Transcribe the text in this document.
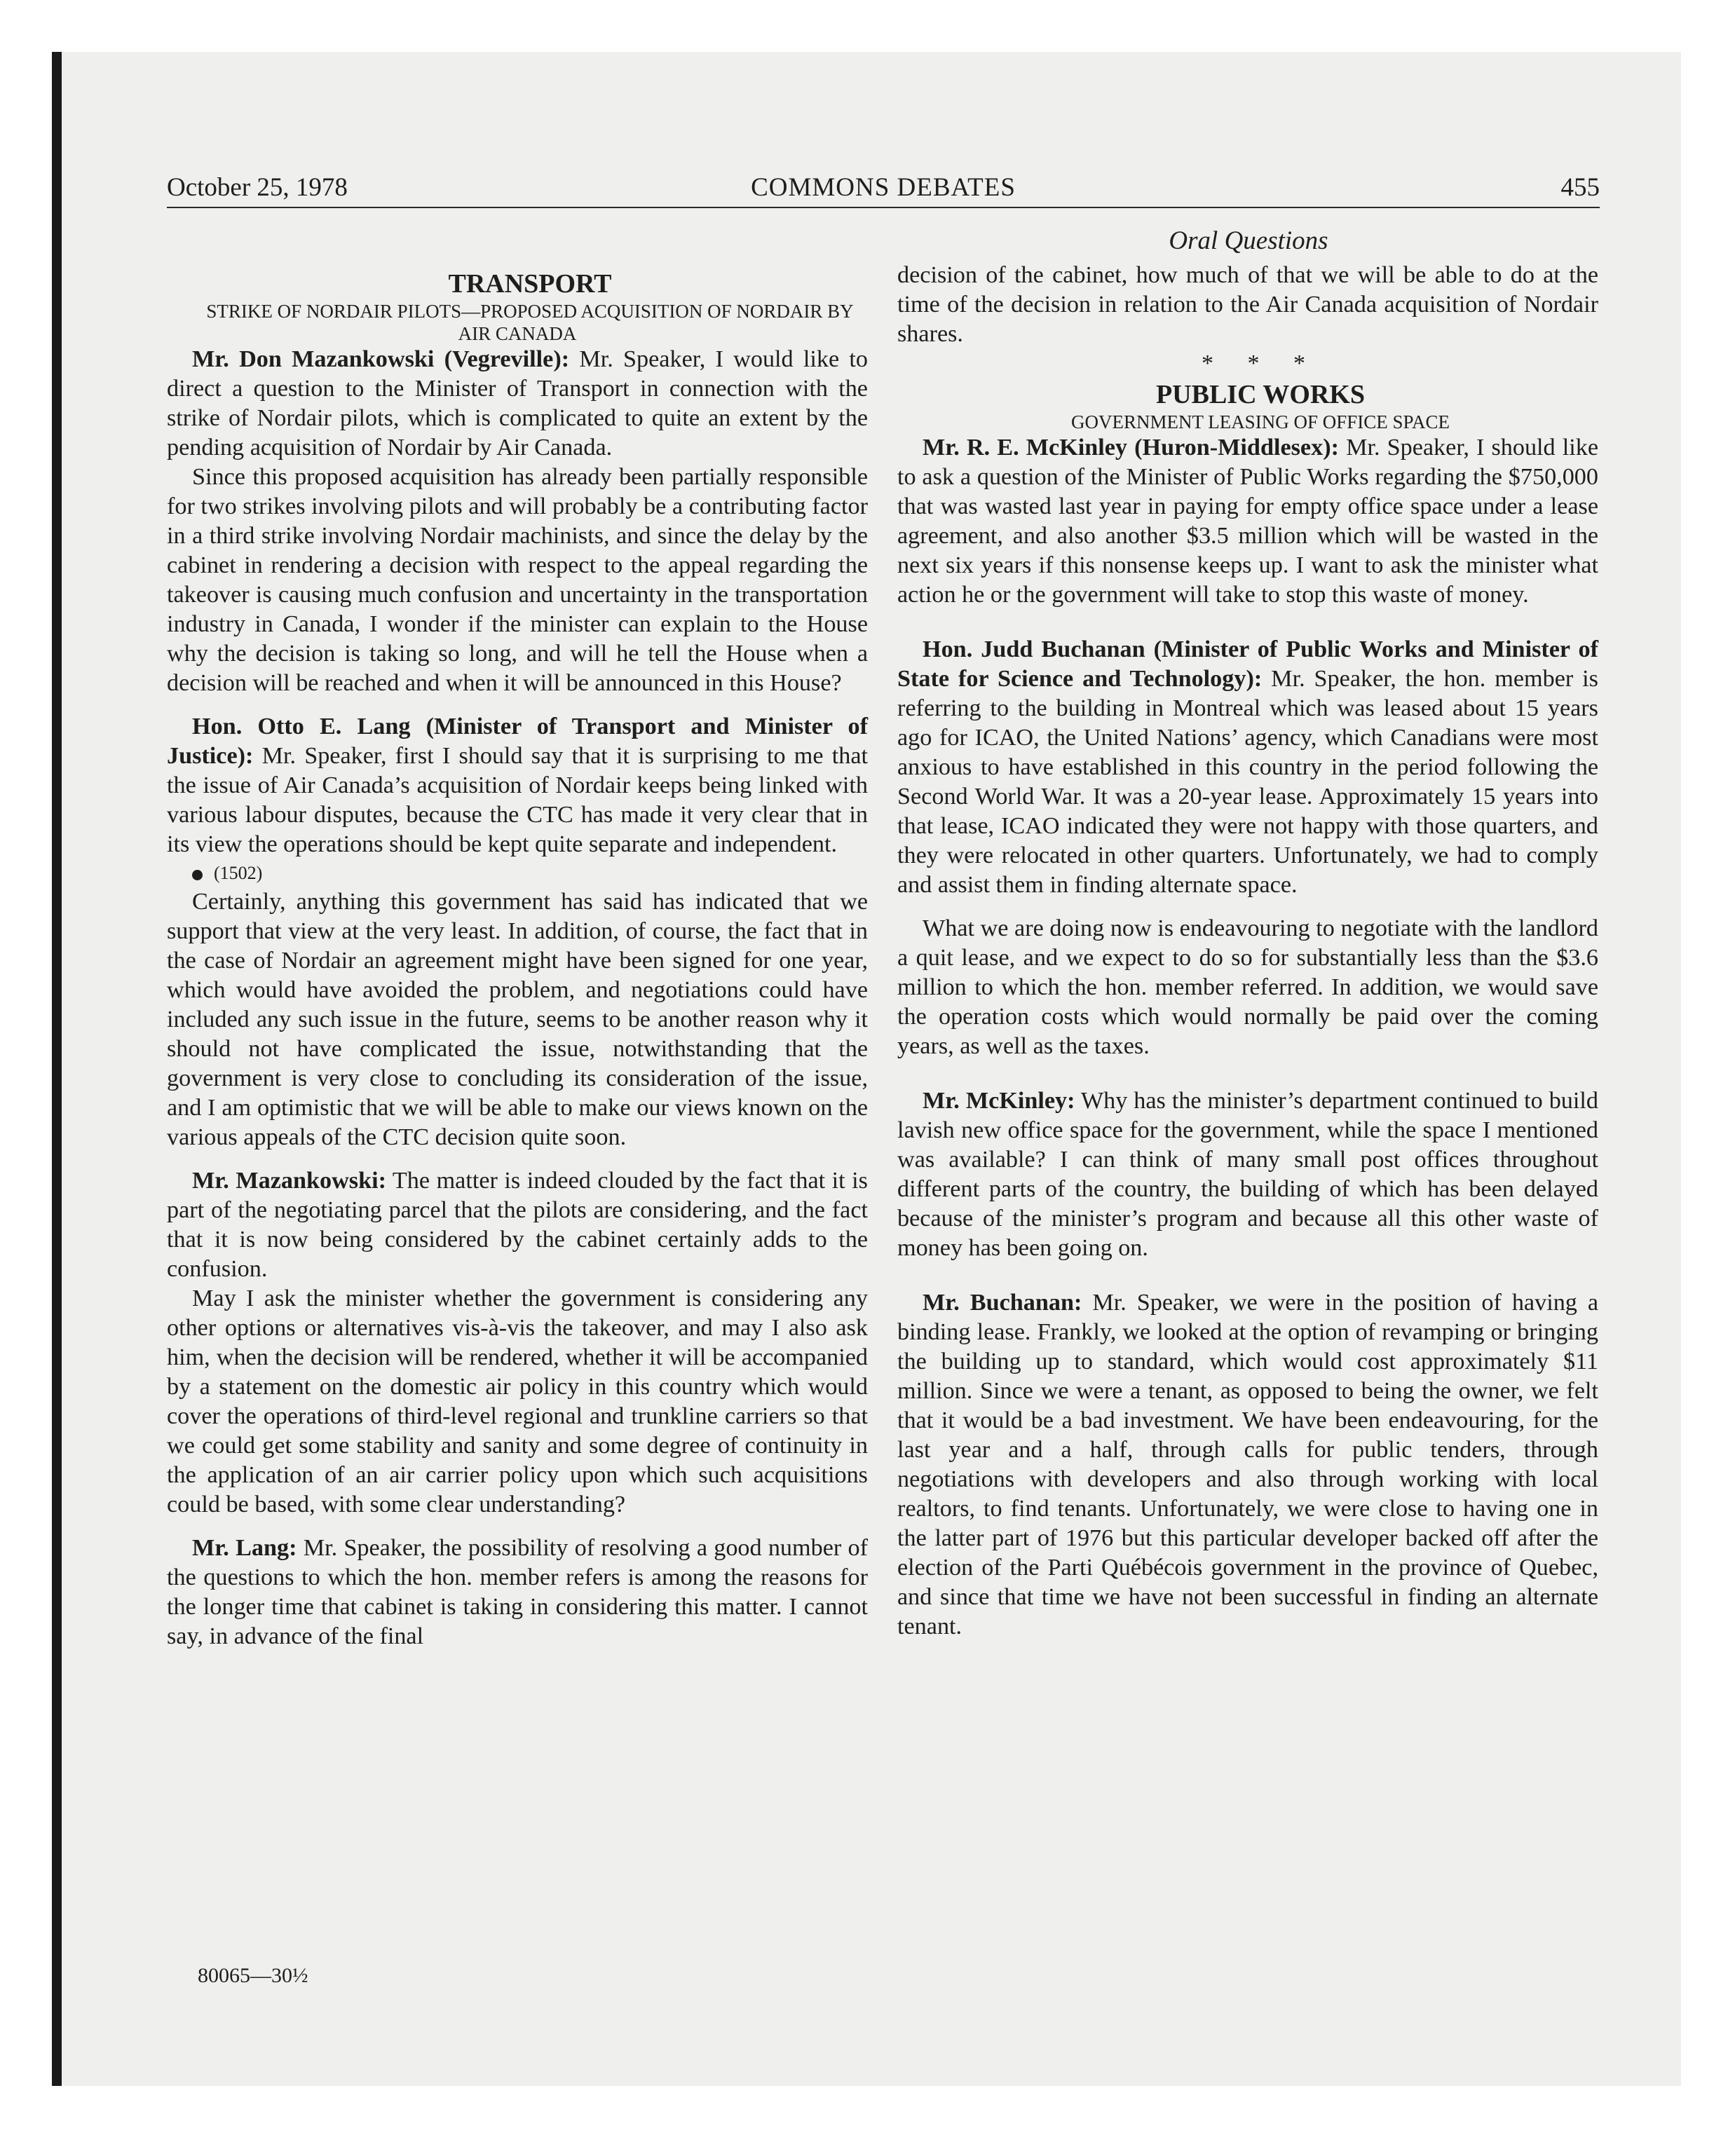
October 25, 1978	COMMONS DEBATES	455
Oral Questions

TRANSPORT

STRIKE OF NORDAIR PILOTS—PROPOSED ACQUISITION OF NORDAIR BY AIR CANADA

Mr. Don Mazankowski (Vegreville): Mr. Speaker, I would like to direct a question to the Minister of Transport in connection with the strike of Nordair pilots, which is complicated to quite an extent by the pending acquisition of Nordair by Air Canada.

Since this proposed acquisition has already been partially responsible for two strikes involving pilots and will probably be a contributing factor in a third strike involving Nordair machinists, and since the delay by the cabinet in rendering a decision with respect to the appeal regarding the takeover is causing much confusion and uncertainty in the transportation industry in Canada, I wonder if the minister can explain to the House why the decision is taking so long, and will he tell the House when a decision will be reached and when it will be announced in this House?

Hon. Otto E. Lang (Minister of Transport and Minister of Justice): Mr. Speaker, first I should say that it is surprising to me that the issue of Air Canada’s acquisition of Nordair keeps being linked with various labour disputes, because the CTC has made it very clear that in its view the operations should be kept quite separate and independent.

(1502)

Certainly, anything this government has said has indicated that we support that view at the very least. In addition, of course, the fact that in the case of Nordair an agreement might have been signed for one year, which would have avoided the problem, and negotiations could have included any such issue in the future, seems to be another reason why it should not have complicated the issue, notwithstanding that the government is very close to concluding its consideration of the issue, and I am optimistic that we will be able to make our views known on the various appeals of the CTC decision quite soon.

Mr. Mazankowski: The matter is indeed clouded by the fact that it is part of the negotiating parcel that the pilots are considering, and the fact that it is now being considered by the cabinet certainly adds to the confusion.

May I ask the minister whether the government is considering any other options or alternatives vis-à-vis the takeover, and may I also ask him, when the decision will be rendered, whether it will be accompanied by a statement on the domestic air policy in this country which would cover the operations of third-level regional and trunkline carriers so that we could get some stability and sanity and some degree of continuity in the application of an air carrier policy upon which such acquisitions could be based, with some clear understanding?

Mr. Lang: Mr. Speaker, the possibility of resolving a good number of the questions to which the hon. member refers is among the reasons for the longer time that cabinet is taking in considering this matter. I cannot say, in advance of the final

decision of the cabinet, how much of that we will be able to do at the time of the decision in relation to the Air Canada acquisition of Nordair shares.

* * *

PUBLIC WORKS

GOVERNMENT LEASING OF OFFICE SPACE

Mr. R. E. McKinley (Huron-Middlesex): Mr. Speaker, I should like to ask a question of the Minister of Public Works regarding the $750,000 that was wasted last year in paying for empty office space under a lease agreement, and also another $3.5 million which will be wasted in the next six years if this nonsense keeps up. I want to ask the minister what action he or the government will take to stop this waste of money.

Hon. Judd Buchanan (Minister of Public Works and Minister of State for Science and Technology): Mr. Speaker, the hon. member is referring to the building in Montreal which was leased about 15 years ago for ICAO, the United Nations’ agency, which Canadians were most anxious to have established in this country in the period following the Second World War. It was a 20-year lease. Approximately 15 years into that lease, ICAO indicated they were not happy with those quarters, and they were relocated in other quarters. Unfortunately, we had to comply and assist them in finding alternate space.

What we are doing now is endeavouring to negotiate with the landlord a quit lease, and we expect to do so for substantially less than the $3.6 million to which the hon. member referred. In addition, we would save the operation costs which would normally be paid over the coming years, as well as the taxes.

Mr. McKinley: Why has the minister’s department continued to build lavish new office space for the government, while the space I mentioned was available? I can think of many small post offices throughout different parts of the country, the building of which has been delayed because of the minister’s program and because all this other waste of money has been going on.

Mr. Buchanan: Mr. Speaker, we were in the position of having a binding lease. Frankly, we looked at the option of revamping or bringing the building up to standard, which would cost approximately $11 million. Since we were a tenant, as opposed to being the owner, we felt that it would be a bad investment. We have been endeavouring, for the last year and a half, through calls for public tenders, through negotiations with developers and also through working with local realtors, to find tenants. Unfortunately, we were close to having one in the latter part of 1976 but this particular developer backed off after the election of the Parti Québécois government in the province of Quebec, and since that time we have not been successful in finding an alternate tenant.

80065—30½
